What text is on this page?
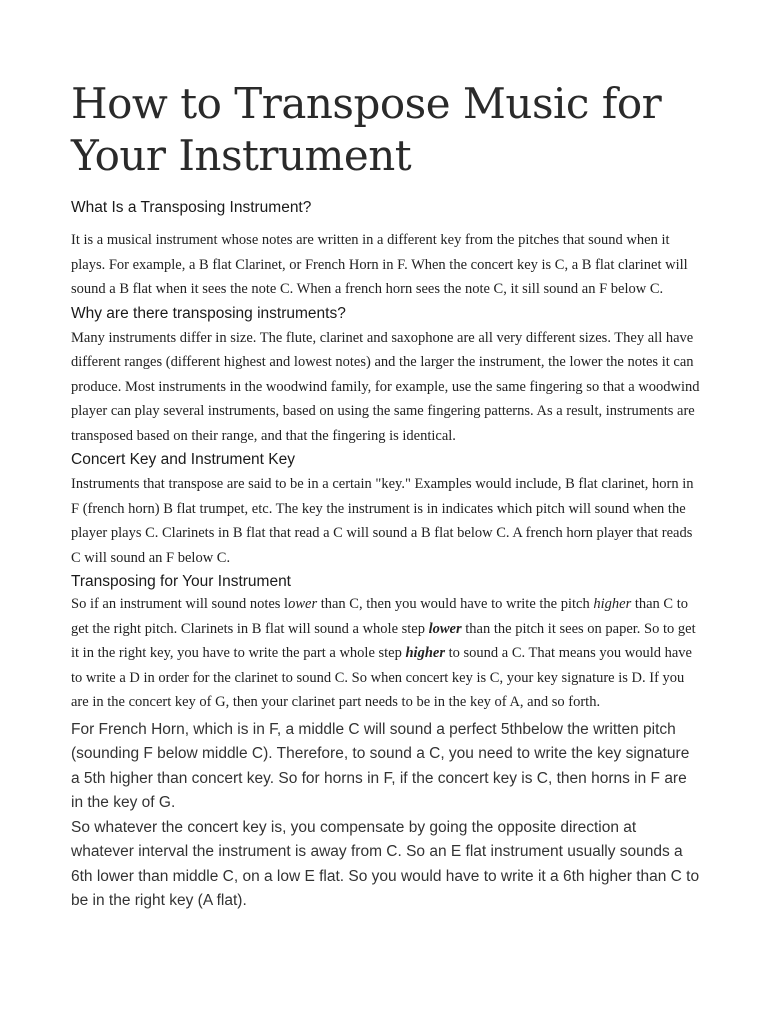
How to Transpose Music for Your Instrument
What Is a Transposing Instrument?

It is a musical instrument whose notes are written in a different key from the pitches that sound when it plays. For example, a B flat Clarinet, or French Horn in F. When the concert key is C, a B flat clarinet will sound a B flat when it sees the note C. When a french horn sees the note C, it sill sound an F below C.

Why are there transposing instruments?

Many instruments differ in size. The flute, clarinet and saxophone are all very different sizes. They all have different ranges (different highest and lowest notes) and the larger the instrument, the lower the notes it can produce. Most instruments in the woodwind family, for example, use the same fingering so that a woodwind player can play several instruments, based on using the same fingering patterns. As a result, instruments are transposed based on their range, and that the fingering is identical.

Concert Key and Instrument Key

Instruments that transpose are said to be in a certain "key." Examples would include, B flat clarinet, horn in F (french horn) B flat trumpet, etc. The key the instrument is in indicates which pitch will sound when the player plays C. Clarinets in B flat that read a C will sound a B flat below C. A french horn player that reads C will sound an F below C.

Transposing for Your Instrument

So if an instrument will sound notes lower than C, then you would have to write the pitch higher than C to get the right pitch. Clarinets in B flat will sound a whole step lower than the pitch it sees on paper. So to get it in the right key, you have to write the part a whole step higher to sound a C. That means you would have to write a D in order for the clarinet to sound C. So when concert key is C, your key signature is D. If you are in the concert key of G, then your clarinet part needs to be in the key of A, and so forth.

For French Horn, which is in F, a middle C will sound a perfect 5thbelow the written pitch (sounding F below middle C). Therefore, to sound a C, you need to write the key signature a 5th higher than concert key. So for horns in F, if the concert key is C, then horns in F are in the key of G.

So whatever the concert key is, you compensate by going the opposite direction at whatever interval the instrument is away from C. So an E flat instrument usually sounds a 6th lower than middle C, on a low E flat. So you would have to write it a 6th higher than C to be in the right key (A flat).
